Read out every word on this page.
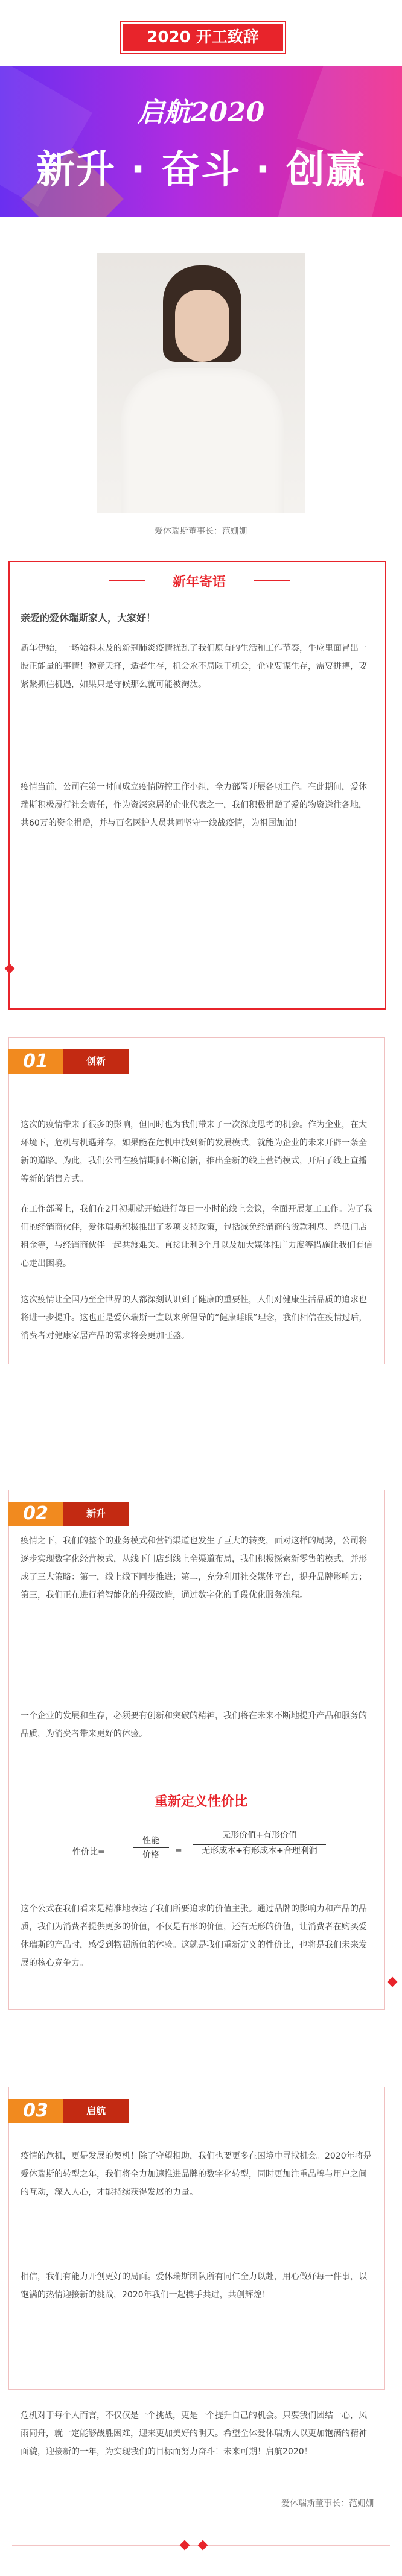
2020 开工致辞
启航2020
新升 · 奋斗 · 创赢
爱休瑞斯董事长：范姗姗
新年寄语
亲爱的爱休瑞斯家人，大家好！
新年伊始，一场始料未及的新冠肺炎疫情扰乱了我们原有的生活和工作节奏，牛应里面冒出一股正能量的事情！物竞天择，适者生存，机会永不局限于机会，企业要谋生存，需要拼搏，要紧紧抓住机遇，如果只是守候那么就可能被淘汰。
疫情当前，公司在第一时间成立疫情防控工作小组，全力部署开展各项工作。在此期间，爱休瑞斯积极履行社会责任，作为资深家居的企业代表之一，我们积极捐赠了爱的物资送往各地，共60万的资金捐赠，并与百名医护人员共同坚守一线战疫情，为祖国加油！
01	创新
这次的疫情带来了很多的影响，但同时也为我们带来了一次深度思考的机会。作为企业，在大环境下，危机与机遇并存，如果能在危机中找到新的发展模式，就能为企业的未来开辟一条全新的道路。为此，我们公司在疫情期间不断创新，推出全新的线上营销模式，开启了线上直播等新的销售方式。
在工作部署上，我们在2月初期就开始进行每日一小时的线上会议，全面开展复工工作。为了我们的经销商伙伴，爱休瑞斯积极推出了多项支持政策，包括减免经销商的货款利息、降低门店租金等，与经销商伙伴一起共渡难关。直接让利3个月以及加大媒体推广力度等措施让我们有信心走出困境。
这次疫情让全国乃至全世界的人都深刻认识到了健康的重要性，人们对健康生活品质的追求也将进一步提升。这也正是爱休瑞斯一直以来所倡导的“健康睡眠”理念，我们相信在疫情过后，消费者对健康家居产品的需求将会更加旺盛。
02	新升
疫情之下，我们的整个的业务模式和营销渠道也发生了巨大的转变，面对这样的局势，公司将逐步实现数字化经营模式，从线下门店到线上全渠道布局，我们积极探索新零售的模式，并形成了三大策略：第一，线上线下同步推进；第二，充分利用社交媒体平台，提升品牌影响力；第三，我们正在进行着智能化的升级改造，通过数字化的手段优化服务流程。
一个企业的发展和生存，必须要有创新和突破的精神，我们将在未来不断地提升产品和服务的品质，为消费者带来更好的体验。
重新定义性价比
性价比=
性能
价格	=
无形价值+有形价值
无形成本+有形成本+合理利润
这个公式在我们看来是精准地表达了我们所要追求的价值主张。通过品牌的影响力和产品的品质，我们为消费者提供更多的价值，不仅是有形的价值，还有无形的价值，让消费者在购买爱休瑞斯的产品时，感受到物超所值的体验。这就是我们重新定义的性价比，也将是我们未来发展的核心竞争力。
03	启航
疫情的危机，更是发展的契机！除了守望相助，我们也要更多在困境中寻找机会。2020年将是爱休瑞斯的转型之年，我们将全力加速推进品牌的数字化转型，同时更加注重品牌与用户之间的互动，深入人心，才能持续获得发展的力量。
相信，我们有能力开创更好的局面。爱休瑞斯团队所有同仁全力以赴，用心做好每一件事，以饱满的热情迎接新的挑战，2020年我们一起携手共进，共创辉煌！
危机对于每个人而言，不仅仅是一个挑战，更是一个提升自己的机会。只要我们团结一心，风雨同舟，就一定能够战胜困难，迎来更加美好的明天。希望全体爱休瑞斯人以更加饱满的精神面貌，迎接新的一年，为实现我们的目标而努力奋斗！未来可期！启航2020！
爱休瑞斯董事长：范姗姗
